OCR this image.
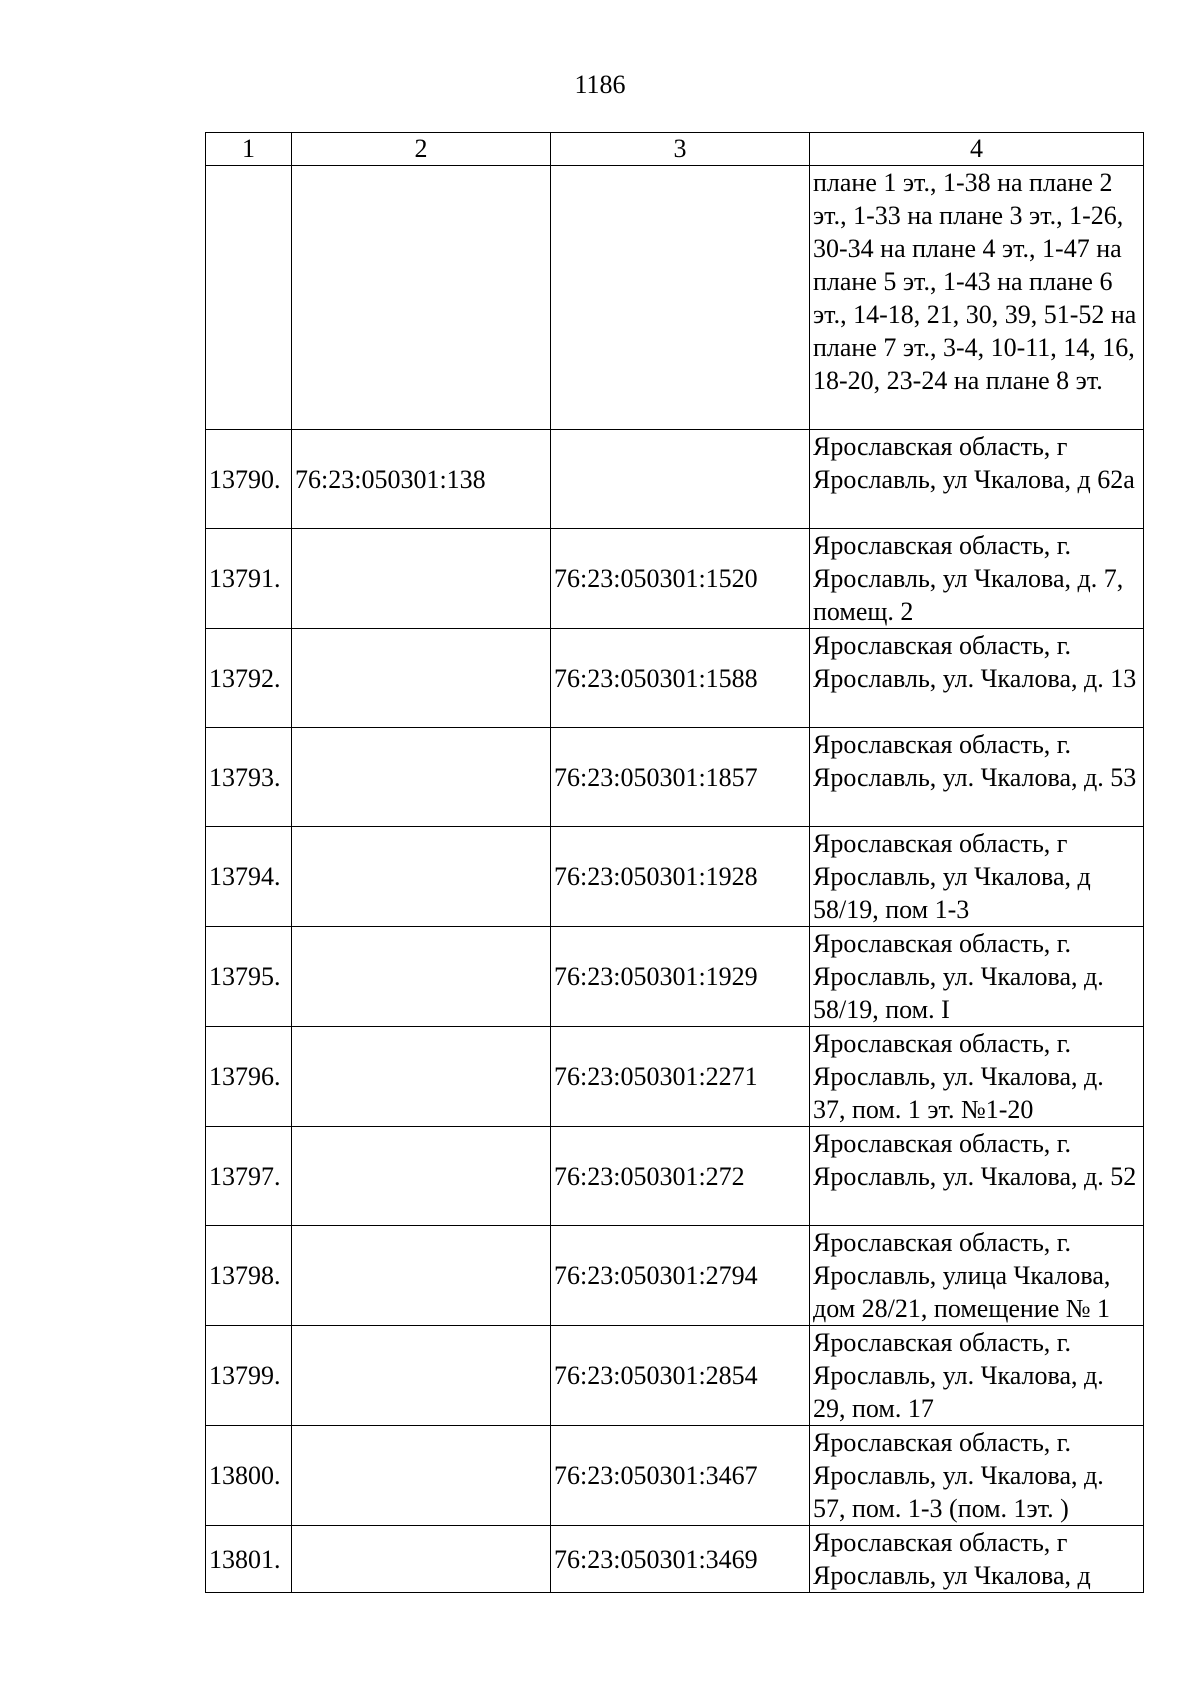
1186
1	2	3	4
			плане 1 эт., 1-38 на плане 2 эт., 1-33 на плане 3 эт., 1-26, 30-34 на плане 4 эт., 1-47 на плане 5 эт., 1-43 на плане 6 эт., 14-18, 21, 30, 39, 51-52 на плане 7 эт., 3-4, 10-11, 14, 16, 18-20, 23-24 на плане 8 эт.
13790.	76:23:050301:138		Ярославская область, г Ярославль, ул Чкалова, д 62а
13791.		76:23:050301:1520	Ярославская область, г. Ярославль, ул Чкалова, д. 7, помещ. 2
13792.		76:23:050301:1588	Ярославская область, г. Ярославль, ул. Чкалова, д. 13
13793.		76:23:050301:1857	Ярославская область, г. Ярославль, ул. Чкалова, д. 53
13794.		76:23:050301:1928	Ярославская область, г Ярославль, ул Чкалова, д 58/19, пом 1-3
13795.		76:23:050301:1929	Ярославская область, г. Ярославль, ул. Чкалова, д. 58/19, пом. I
13796.		76:23:050301:2271	Ярославская область, г. Ярославль, ул. Чкалова, д. 37, пом. 1 эт. №1-20
13797.		76:23:050301:272	Ярославская область, г. Ярославль, ул. Чкалова, д. 52
13798.		76:23:050301:2794	Ярославская область, г. Ярославль, улица Чкалова, дом 28/21, помещение № 1
13799.		76:23:050301:2854	Ярославская область, г. Ярославль, ул. Чкалова, д. 29, пом. 17
13800.		76:23:050301:3467	Ярославская область, г. Ярославль, ул. Чкалова, д. 57, пом. 1-3 (пом. 1эт. )
13801.		76:23:050301:3469	Ярославская область, г Ярославль, ул Чкалова, д
